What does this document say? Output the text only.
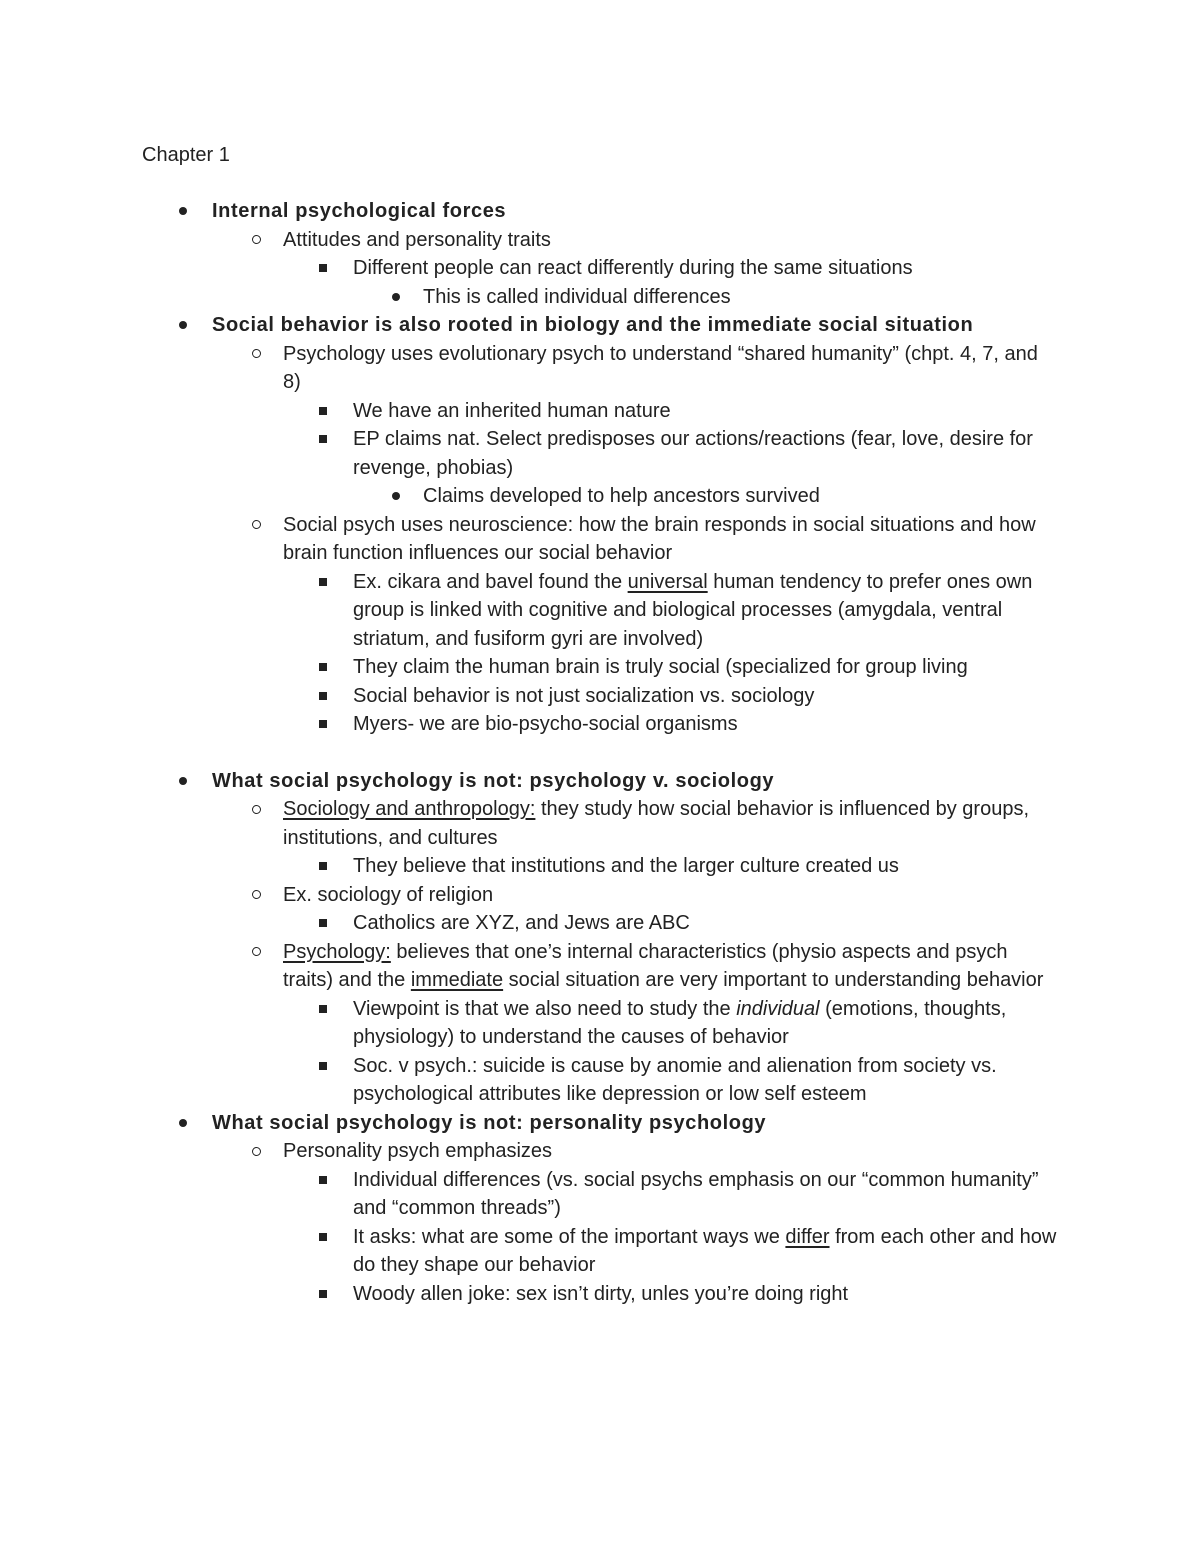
Chapter 1
Internal psychological forces
Attitudes and personality traits
Different people can react differently during the same situations
This is called individual differences
Social behavior is also rooted in biology and the immediate social situation
Psychology uses evolutionary psych to understand “shared humanity” (chpt. 4, 7, and 8)
We have an inherited human nature
EP claims nat. Select predisposes our actions/reactions (fear, love, desire for revenge, phobias)
Claims developed to help ancestors survived
Social psych uses neuroscience: how the brain responds in social situations and how brain function influences our social behavior
Ex. cikara and bavel found the universal human tendency to prefer ones own group is linked with cognitive and biological processes (amygdala, ventral striatum, and fusiform gyri are involved)
They claim the human brain is truly social (specialized for group living
Social behavior is not just socialization vs. sociology
Myers- we are bio-psycho-social organisms
What social psychology is not: psychology v. sociology
Sociology and anthropology: they study how social behavior is influenced by groups, institutions, and cultures
They believe that institutions and the larger culture created us
Ex. sociology of religion
Catholics are XYZ, and Jews are ABC
Psychology: believes that one’s internal characteristics (physio aspects and psych traits) and the immediate social situation are very important to understanding behavior
Viewpoint is that we also need to study the individual (emotions, thoughts, physiology) to understand the causes of behavior
Soc. v psych.: suicide is cause by anomie and alienation from society vs. psychological attributes like depression or low self esteem
What social psychology is not: personality psychology
Personality psych emphasizes
Individual differences (vs. social psychs emphasis on our “common humanity” and “common threads”)
It asks: what are some of the important ways we differ from each other and how do they shape our behavior
Woody allen joke: sex isn’t dirty, unles you’re doing right
